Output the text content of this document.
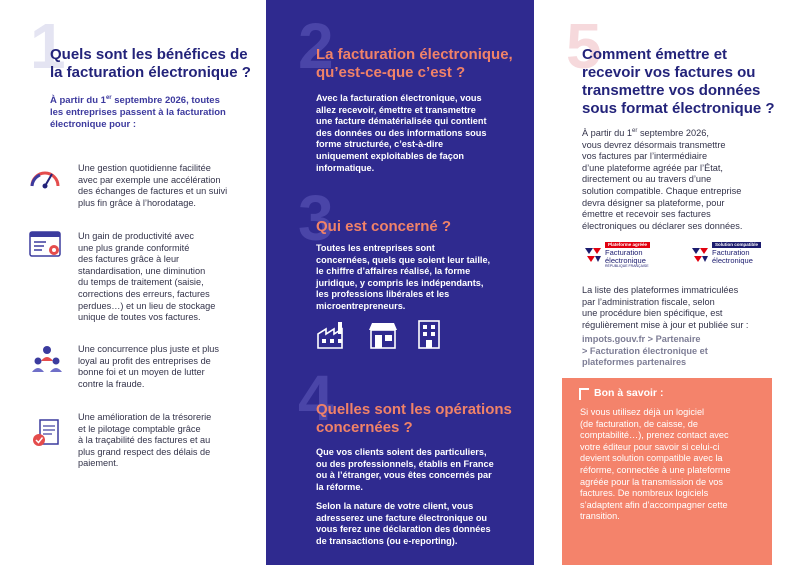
1
Quels sont les bénéfices de
la facturation électronique ?
À partir du 1er septembre 2026, toutes
les entreprises passent à la facturation
électronique pour :
Une gestion quotidienne facilitée
avec par exemple une accélération
des échanges de factures et un suivi
plus fin grâce à l’horodatage.
Un gain de productivité avec
une plus grande conformité
des factures grâce à leur
standardisation, une diminution
du temps de traitement (saisie,
corrections des erreurs, factures
perdues…) et un lieu de stockage
unique de toutes vos factures.
Une concurrence plus juste et plus
loyal au profit des entreprises de
bonne foi et un moyen de lutter
contre la fraude.
Une amélioration de la trésorerie
et le pilotage comptable grâce
à la traçabilité des factures et au
plus grand respect des délais de
paiement.
2
La facturation électronique,
qu’est-ce-que c’est ?
Avec la facturation électronique, vous
allez recevoir, émettre et transmettre
une facture dématérialisée qui contient
des données ou des informations sous
forme structurée, c’est-à-dire
uniquement exploitables de façon
informatique.
3
Qui est concerné ?
Toutes les entreprises sont
concernées, quels que soient leur taille,
le chiffre d’affaires réalisé, la forme
juridique, y compris les indépendants,
les professions libérales et les
microentrepreneurs.
4
Quelles sont les opérations
concernées ?
Que vos clients soient des particuliers,
ou des professionnels, établis en France
ou à l’étranger, vous êtes concernés par
la réforme.
Selon la nature de votre client, vous
adresserez une facture électronique ou
vous ferez une déclaration des données
de transactions (ou e-reporting).
5
Comment émettre et
recevoir vos factures ou
transmettre vos données
sous format électronique ?
À partir du 1er septembre 2026,
vous devrez désormais transmettre
vos factures par l’intermédiaire
d’une plateforme agréée par l’État,
directement ou au travers d’une
solution compatible. Chaque entreprise
devra désigner sa plateforme, pour
émettre et recevoir ses factures
électroniques ou déclarer ses données.
Plateforme agréée
Facturation
électronique
RÉPUBLIQUE FRANÇAISE
Solution compatible
Facturation
électronique
La liste des plateformes immatriculées
par l’administration fiscale, selon
une procédure bien spécifique, est
régulièrement mise à jour et publiée sur :
impots.gouv.fr > Partenaire
> Facturation électronique et
plateformes partenaires
Bon à savoir :
Si vous utilisez déjà un logiciel
(de facturation, de caisse, de
comptabilité…), prenez contact avec
votre éditeur pour savoir si celui-ci
devient solution compatible avec la
réforme, connectée à une plateforme
agréée pour la transmission de vos
factures. De nombreux logiciels
s’adaptent afin d’accompagner cette
transition.
